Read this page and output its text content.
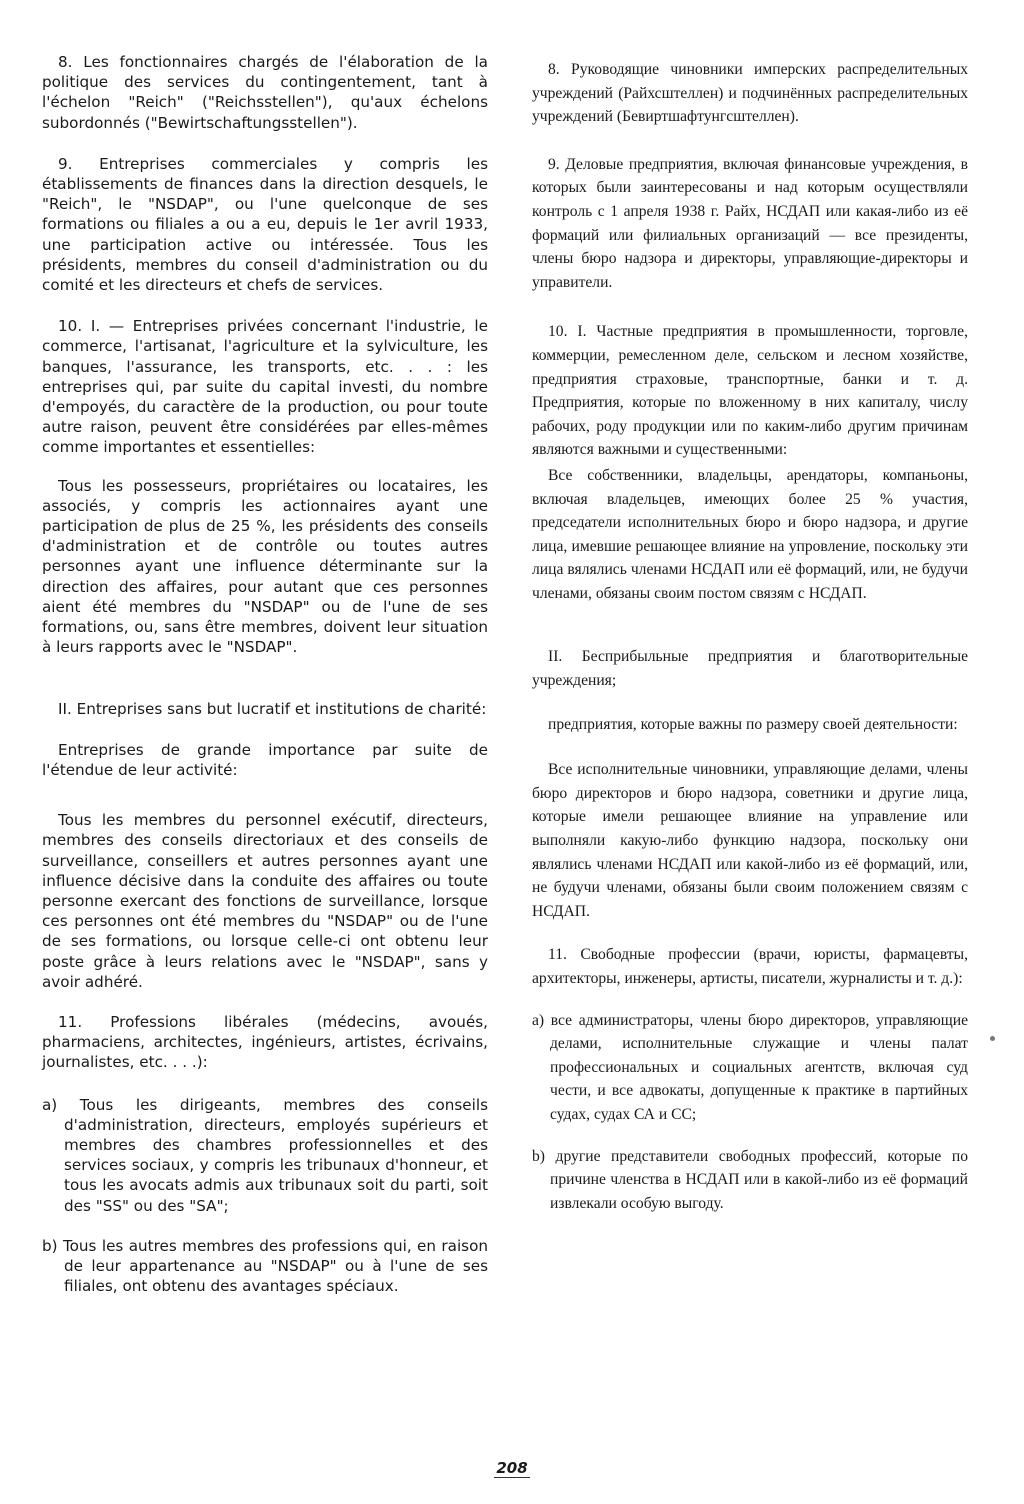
8. Les fonctionnaires chargés de l'élaboration de la politique des services du contingentement, tant à l'échelon "Reich" ("Reichsstellen"), qu'aux échelons subordonnés ("Bewirtschaftungsstellen").

9. Entreprises commerciales y compris les établissements de finances dans la direction desquels, le "Reich", le "NSDAP", ou l'une quelconque de ses formations ou filiales a ou a eu, depuis le 1er avril 1933, une participation active ou intéressée. Tous les présidents, membres du conseil d'administration ou du comité et les directeurs et chefs de services.

10. I. — Entreprises privées concernant l'industrie, le commerce, l'artisanat, l'agriculture et la sylviculture, les banques, l'assurance, les transports, etc. . . : les entreprises qui, par suite du capital investi, du nombre d'empoyés, du caractère de la production, ou pour toute autre raison, peuvent être considérées par elles-mêmes comme importantes et essentielles:

Tous les possesseurs, propriétaires ou locataires, les associés, y compris les actionnaires ayant une participation de plus de 25 %, les présidents des conseils d'administration et de contrôle ou toutes autres personnes ayant une influence déterminante sur la direction des affaires, pour autant que ces personnes aient été membres du "NSDAP" ou de l'une de ses formations, ou, sans être membres, doivent leur situation à leurs rapports avec le "NSDAP".

II. Entreprises sans but lucratif et institutions de charité:

Entreprises de grande importance par suite de l'étendue de leur activité:

Tous les membres du personnel exécutif, directeurs, membres des conseils directoriaux et des conseils de surveillance, conseillers et autres personnes ayant une influence décisive dans la conduite des affaires ou toute personne exercant des fonctions de surveillance, lorsque ces personnes ont été membres du "NSDAP" ou de l'une de ses formations, ou lorsque celle-ci ont obtenu leur poste grâce à leurs relations avec le "NSDAP", sans y avoir adhéré.

11. Professions libérales (médecins, avoués, pharmaciens, architectes, ingénieurs, artistes, écrivains, journalistes, etc. . . .):

a) Tous les dirigeants, membres des conseils d'administration, directeurs, employés supérieurs et membres des chambres professionnelles et des services sociaux, y compris les tribunaux d'honneur, et tous les avocats admis aux tribunaux soit du parti, soit des "SS" ou des "SA";

b) Tous les autres membres des professions qui, en raison de leur appartenance au "NSDAP" ou à l'une de ses filiales, ont obtenu des avantages spéciaux.

8. Руководящие чиновники имперских распределительных учреждений (Райхсштеллен) и подчинённых распределительных учреждений (Бевиртшафтунгсштеллен).

9. Деловые предприятия, включая финансовые учреждения, в которых были заинтересованы и над которым осуществляли контроль с 1 апреля 1938 г. Райх, НСДАП или какая-либо из её формаций или филиальных организаций — все президенты, члены бюро надзора и директоры, управляющие-директоры и управители.

10. I. Частные предприятия в промышленности, торговле, коммерции, ремесленном деле, сельском и лесном хозяйстве, предприятия страховые, транспортные, банки и т. д. Предприятия, которые по вложенному в них капиталу, числу рабочих, роду продукции или по каким-либо другим причинам являются важными и существенными:

Все собственники, владельцы, арендаторы, компаньоны, включая владельцев, имеющих более 25 % участия, председатели исполнительных бюро и бюро надзора, и другие лица, имевшие решающее влияние на упровление, поскольку эти лица вялялись членами НСДАП или её формаций, или, не будучи членами, обязаны своим постом связям с НСДАП.

II. Бесприбыльные предприятия и благотворительные учреждения;

предприятия, которые важны по размеру своей деятельности:

Все исполнительные чиновники, управляющие делами, члены бюро директоров и бюро надзора, советники и другие лица, которые имели решающее влияние на управление или выполняли какую-либо функцию надзора, поскольку они являлись членами НСДАП или какой-либо из её формаций, или, не будучи членами, обязаны были своим положением связям с НСДАП.

11. Свободные профессии (врачи, юристы, фармацевты, архитекторы, инженеры, артисты, писатели, журналисты и т. д.):

a) все администраторы, члены бюро директоров, управляющие делами, исполнительные служащие и члены палат профессиональных и социальных агентств, включая суд чести, и все адвокаты, допущенные к практике в партийных судах, судах СА и СС;

b) другие представители свободных профессий, которые по причине членства в НСДАП или в какой-либо из её формаций извлекали особую выгоду.

208
